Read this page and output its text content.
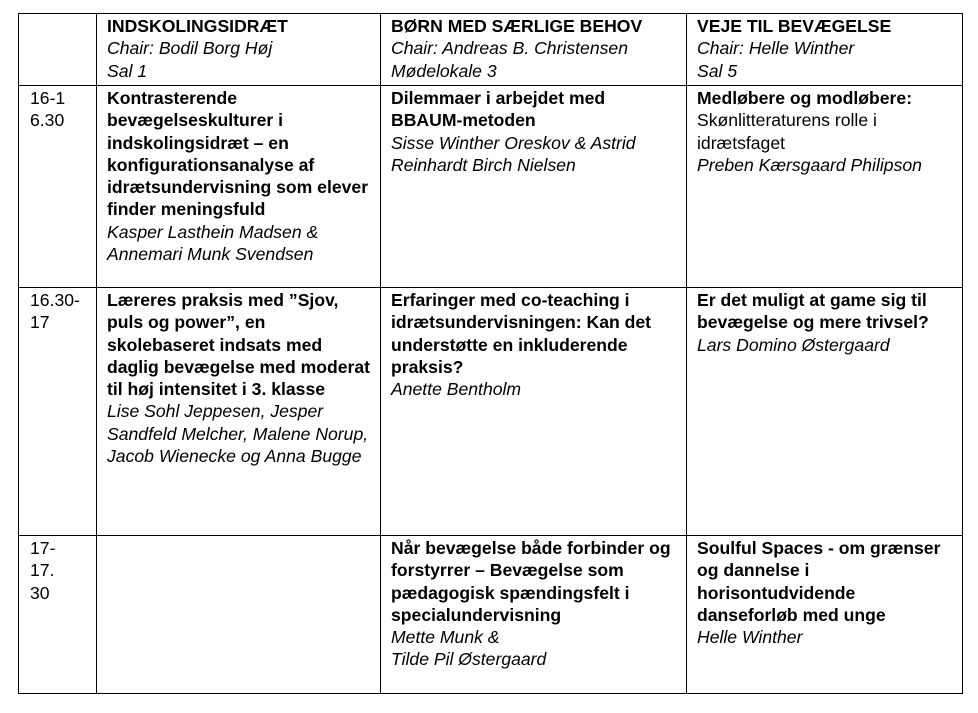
	INDSKOLINGSIDRÆT
Chair: Bodil Borg Høj
Sal 1	BØRN MED SÆRLIGE BEHOV
Chair: Andreas B. Christensen
Mødelokale 3	VEJE TIL BEVÆGELSE
Chair: Helle Winther
Sal 5

16-16.30	Kontrasterende bevægelseskulturer i indskolingsidræt – en konfigurationsanalyse af idrætsundervisning som elever finder meningsfuld
Kasper Lasthein Madsen & Annemari Munk Svendsen	Dilemmaer i arbejdet med BBAUM-metoden
Sisse Winther Oreskov & Astrid Reinhardt Birch Nielsen	Medløbere og modløbere:
Skønlitteraturens rolle i idrætsfaget
Preben Kærsgaard Philipson

16.30-17	Læreres praksis med ”Sjov, puls og power”, en skolebaseret indsats med daglig bevægelse med moderat til høj intensitet i 3. klasse
Lise Sohl Jeppesen, Jesper Sandfeld Melcher, Malene Norup, Jacob Wienecke og Anna Bugge	Erfaringer med co-teaching i idrætsundervisningen: Kan det understøtte en inkluderende praksis?
Anette Bentholm	Er det muligt at game sig til bevægelse og mere trivsel?
Lars Domino Østergaard

17-17.30		Når bevægelse både forbinder og forstyrrer – Bevægelse som pædagogisk spændingsfelt i specialundervisning
Mette Munk &
Tilde Pil Østergaard	Soulful Spaces - om grænser og dannelse i horisontudvidende danseforløb med unge
Helle Winther
